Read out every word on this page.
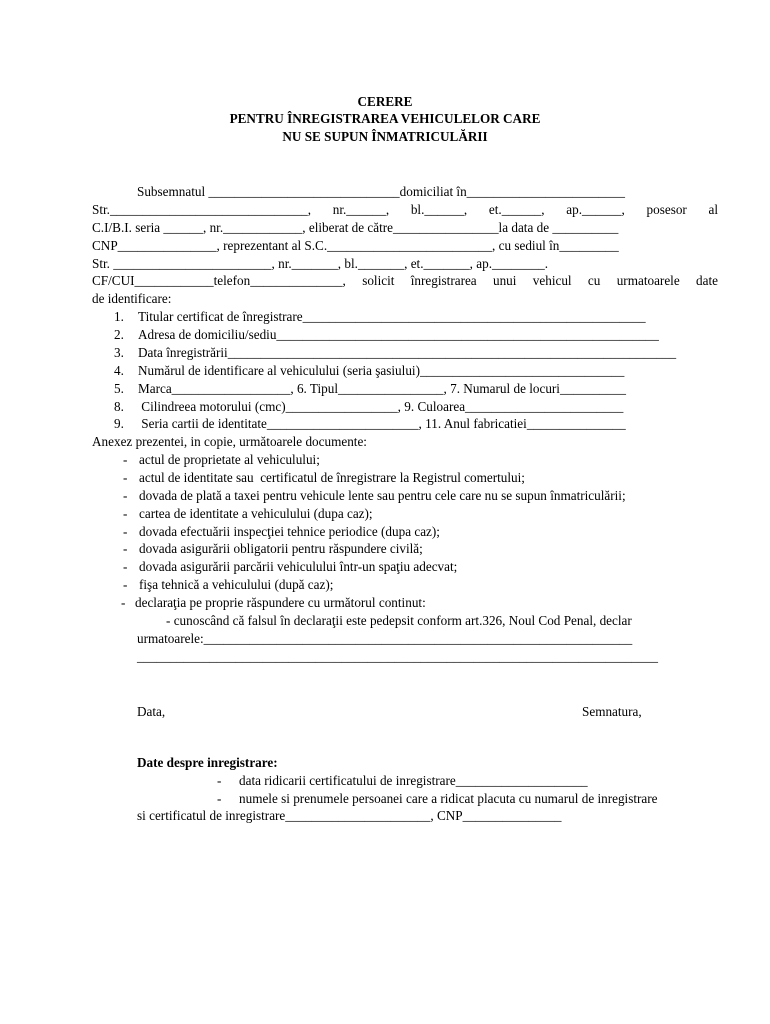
CERERE
PENTRU ÎNREGISTRAREA VEHICULELOR CARE
NU SE SUPUN ÎNMATRICULĂRII
Subsemnatul _____________________________domiciliat în________________________
Str.______________________________, nr.______, bl.______, et.______, ap.______, posesor al
C.I/B.I. seria ______, nr.____________, eliberat de către________________la data de __________
CNP_______________, reprezentant al S.C._________________________, cu sediul în_________
Str. ________________________, nr._______, bl._______, et._______, ap.________.
CF/CUI____________telefon______________, solicit înregistrarea unui vehicul cu urmatoarele date
de identificare:
1. Titular certificat de înregistrare____________________________________________________
2. Adresa de domiciliu/sediu__________________________________________________________
3. Data înregistrării____________________________________________________________________
4. Numărul de identificare al vehiculului (seria şasiului)_______________________________
5. Marca__________________, 6. Tipul________________, 7. Numarul de locuri__________
8. Cilindreea motorului (cmc)_________________, 9. Culoarea________________________
9. Seria cartii de identitate_______________________, 11. Anul fabricatiei_______________
Anexez prezentei, in copie, următoarele documente:
- actul de proprietate al vehiculului;
- actul de identitate sau  certificatul de înregistrare la Registrul comertului;
- dovada de plată a taxei pentru vehicule lente sau pentru cele care nu se supun înmatriculării;
- cartea de identitate a vehiculului (dupa caz);
- dovada efectuării inspecţiei tehnice periodice (dupa caz);
- dovada asigurării obligatorii pentru răspundere civilă;
- dovada asigurării parcării vehiculului într-un spaţiu adecvat;
- fişa tehnică a vehiculului (după caz);
- declaraţia pe proprie răspundere cu următorul continut:
- cunoscând că falsul în declaraţii este pedepsit conform art.326, Noul Cod Penal, declar
urmatoarele:_________________________________________________________________
_______________________________________________________________________________
Data,	Semnatura,
Date despre inregistrare:
- data ridicarii certificatului de inregistrare____________________
- numele si prenumele persoanei care a ridicat placuta cu numarul de inregistrare
si certificatul de inregistrare______________________, CNP_______________
